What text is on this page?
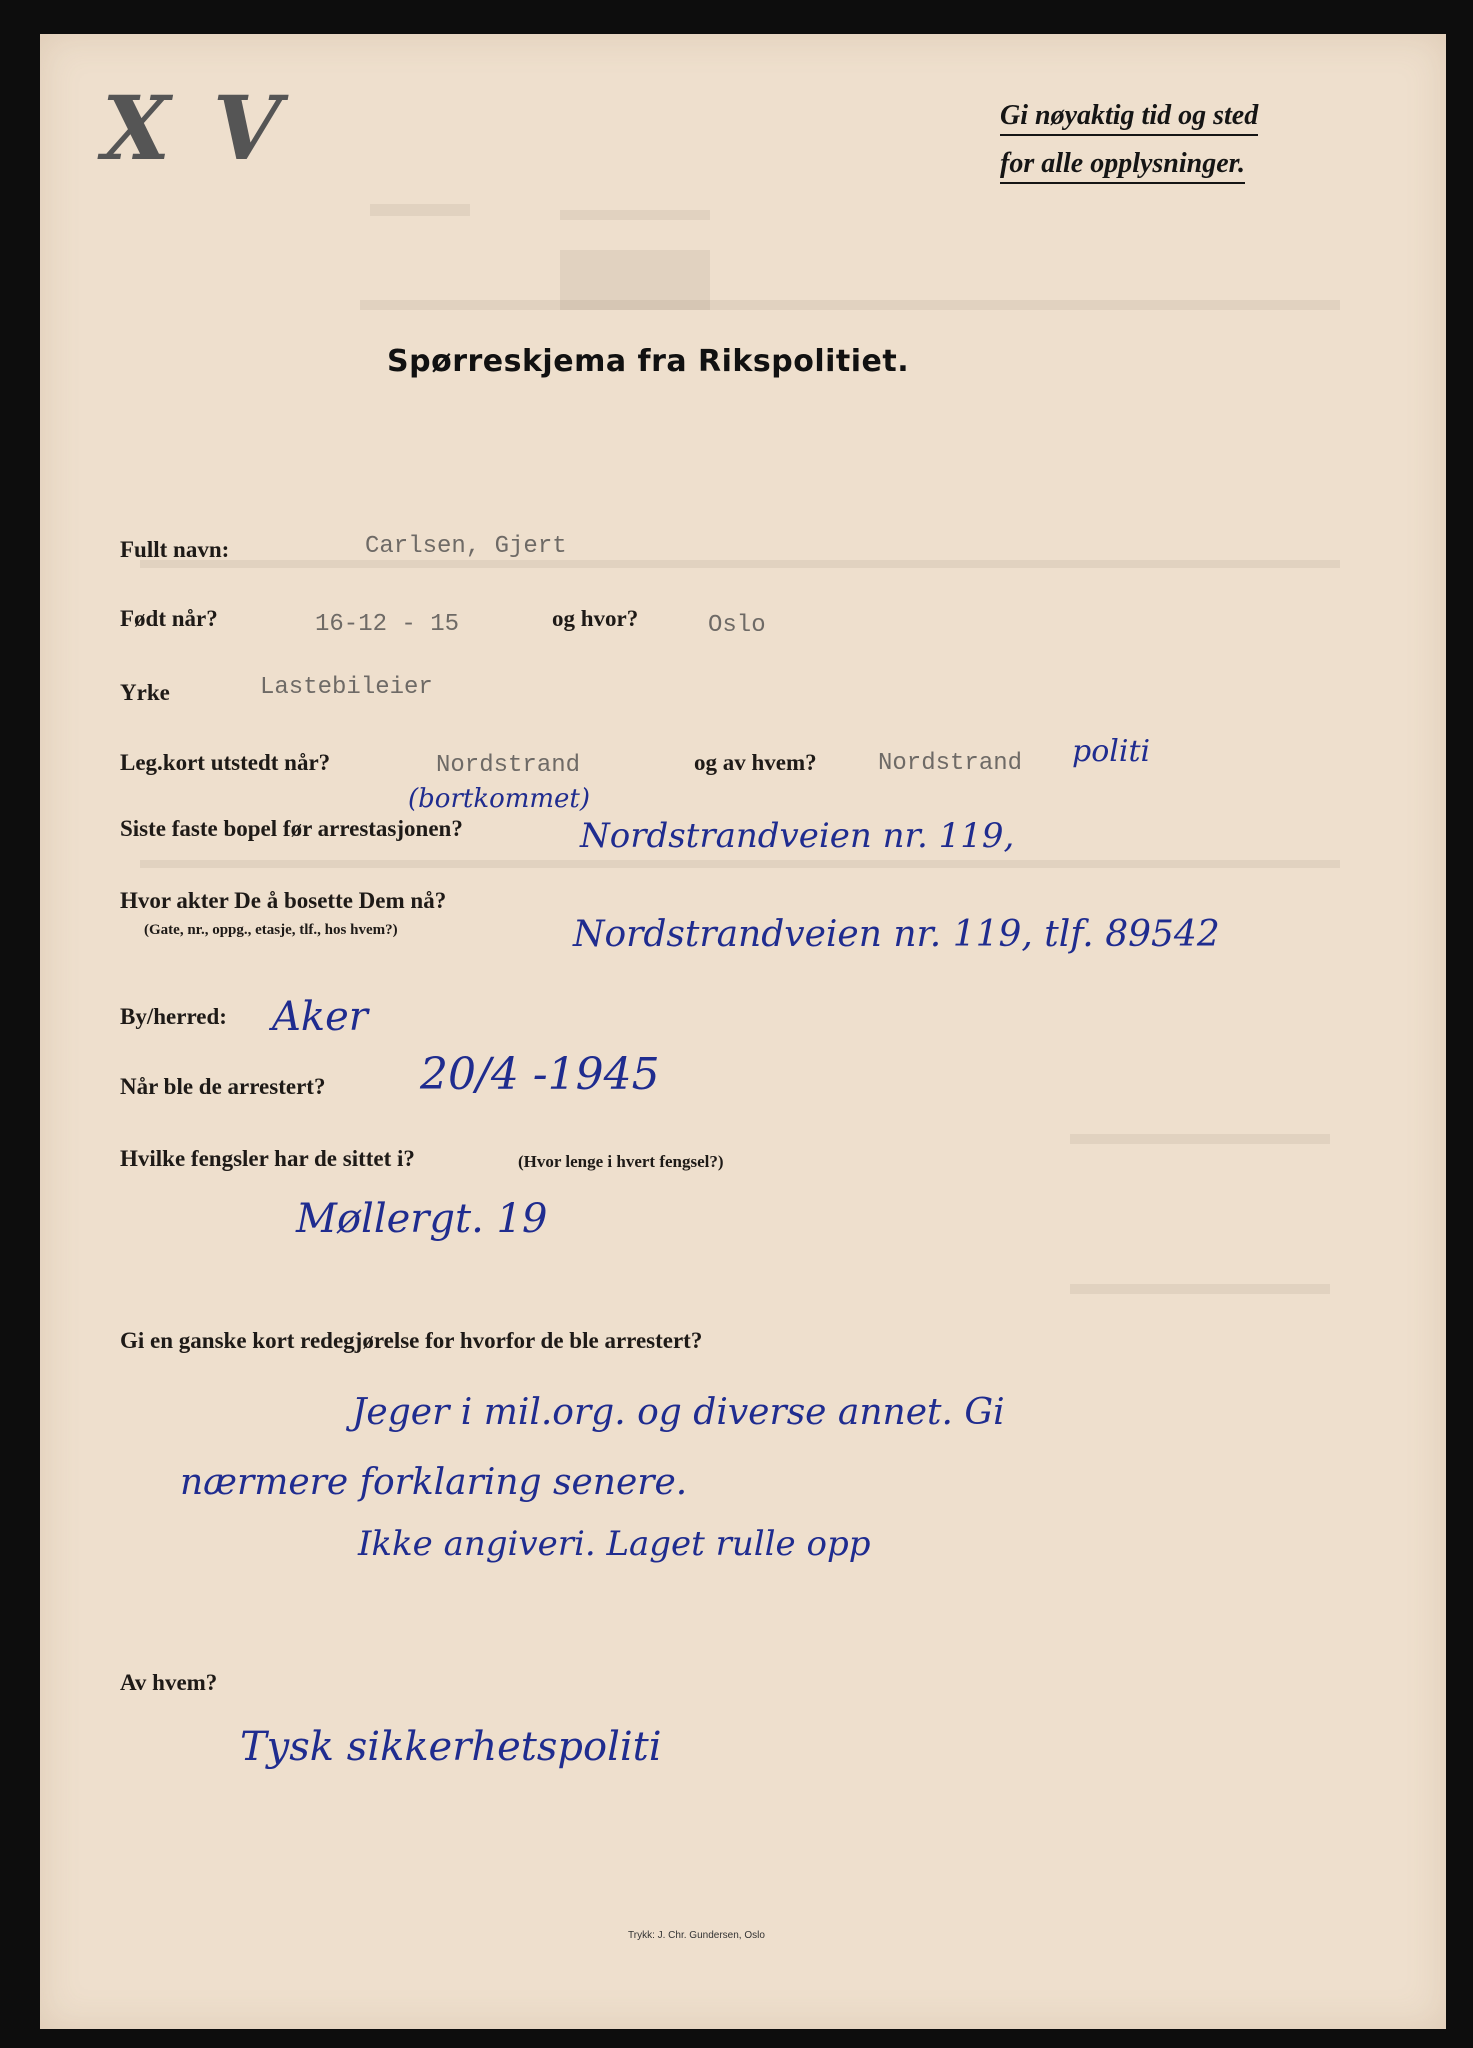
X V	Gi nøyaktig tid og sted
for alle opplysninger.
Spørreskjema fra Rikspolitiet.
Fullt navn:	Carlsen, Gjert
Født når?	16-12 - 15	og hvor?	Oslo
Yrke	Lastebileier
Leg.kort utstedt når?	Nordstrand	og av hvem?	Nordstrand politi
(bortkommet)
Siste faste bopel før arrestasjonen?	Nordstrandveien nr. 119,
Hvor akter De å bosette Dem nå?
(Gate, nr., oppg., etasje, tlf., hos hvem?)	Nordstrandveien nr. 119, tlf. 89542
By/herred: Aker
Når ble de arrestert? 20/4 -1945
Hvilke fengsler har de sittet i?	(Hvor lenge i hvert fengsel?)
Møllergt. 19
Gi en ganske kort redegjørelse for hvorfor de ble arrestert?
Jeger i mil.org. og diverse annet. Gi
nærmere forklaring senere.
Ikke angiveri. Laget rulle opp
Av hvem?
Tysk sikkerhetspoliti
Trykk: J. Chr. Gundersen, Oslo
